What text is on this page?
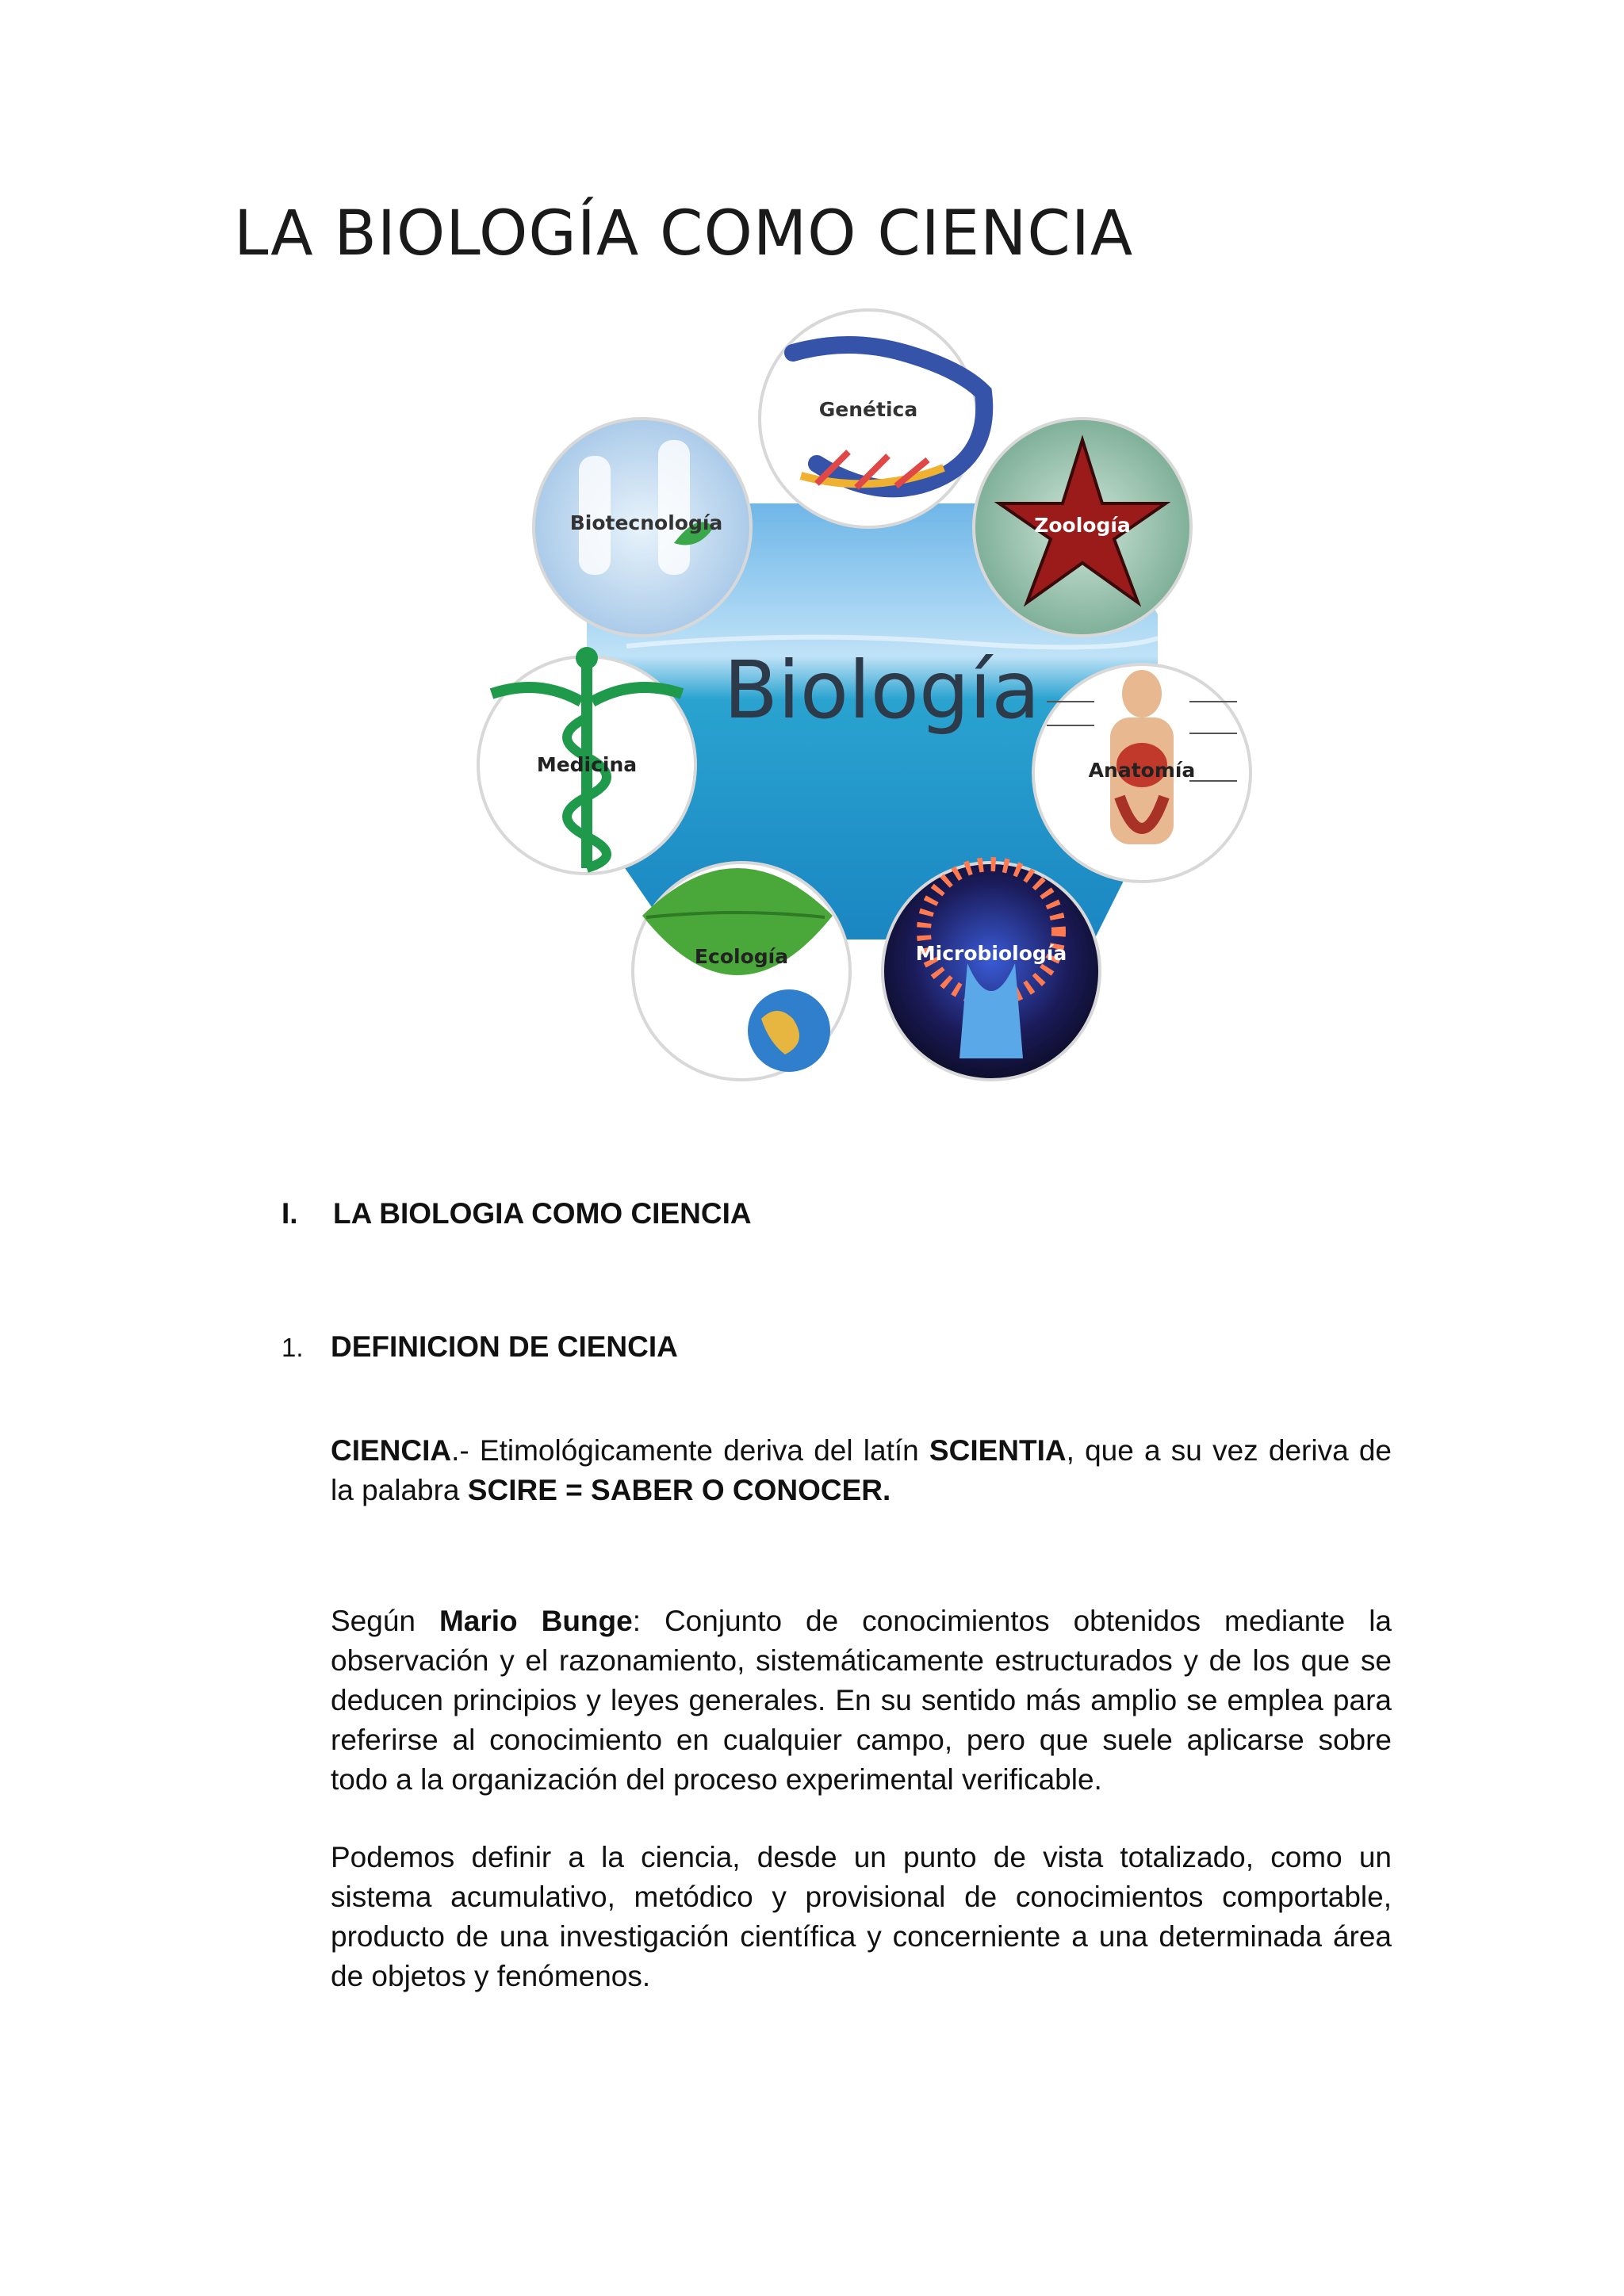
LA BIOLOGÍA COMO CIENCIA
Biología
Genética
Zoología
Anatomía
Microbiología
Ecología
Medicina
Biotecnología
I. LA BIOLOGIA COMO CIENCIA
1. DEFINICION DE CIENCIA

CIENCIA.- Etimológicamente deriva del latín SCIENTIA, que a su vez deriva de la palabra SCIRE = SABER O CONOCER.

Según Mario Bunge: Conjunto de conocimientos obtenidos mediante la observación y el razonamiento, sistemáticamente estructurados y de los que se deducen principios y leyes generales. En su sentido más amplio se emplea para referirse al conocimiento en cualquier campo, pero que suele aplicarse sobre todo a la organización del proceso experimental verificable.

Podemos definir a la ciencia, desde un punto de vista totalizado, como un sistema acumulativo, metódico y provisional de conocimientos comportable, producto de una investigación científica y concerniente a una determinada área de objetos y fenómenos.
